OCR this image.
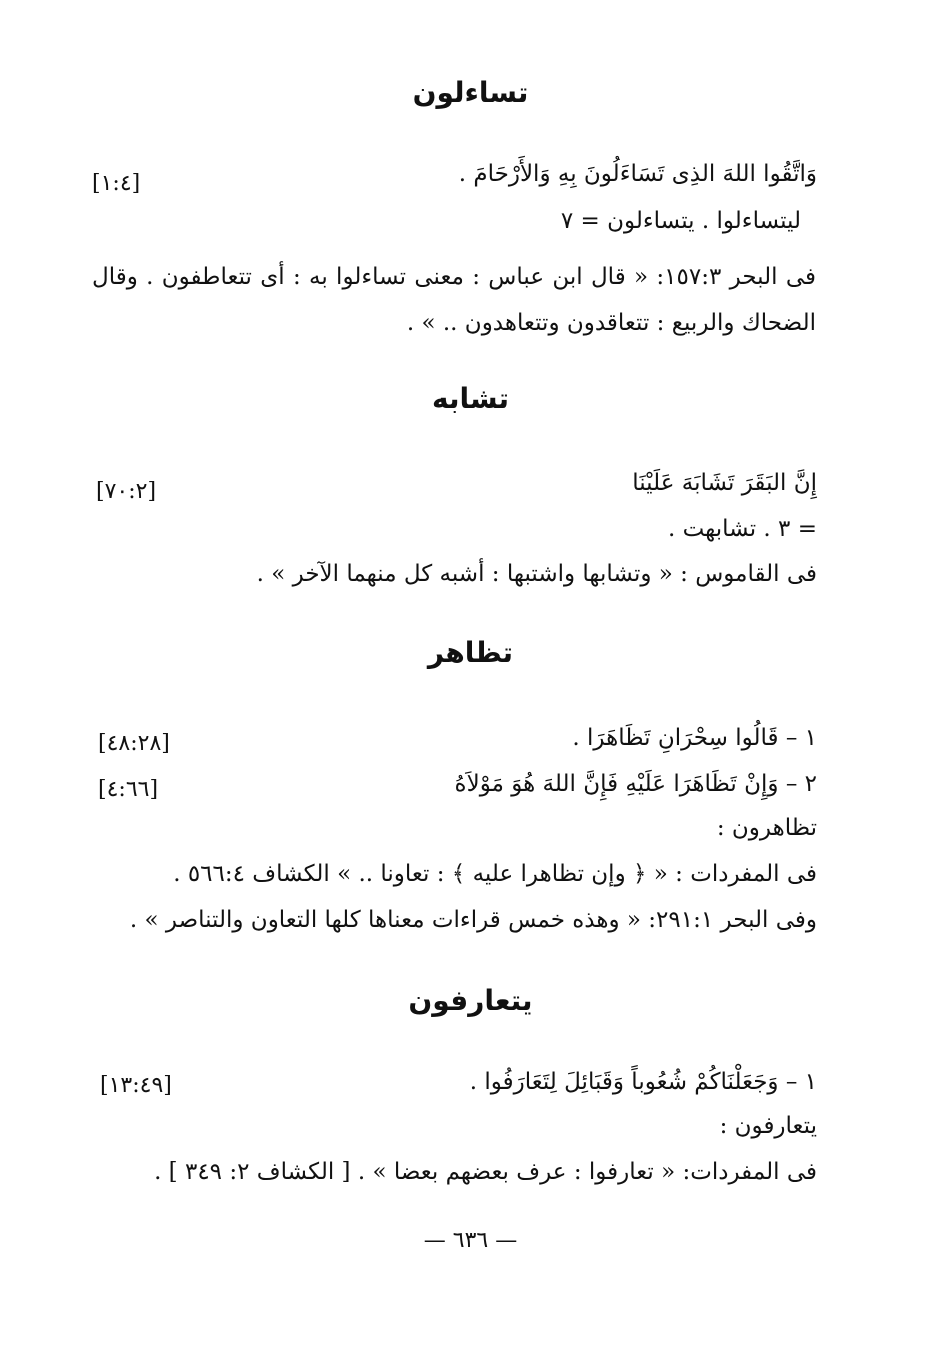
تساءلون
وَاتَّقُوا اللهَ الذِى تَسَاءَلُونَ بِهِ وَالأَرْحَامَ .
[١:٤]
ليتساءلوا . يتساءلون = ٧
فى البحر ١٥٧:٣: « قال ابن عباس : معنى تساءلوا به : أى تتعاطفون . وقال الضحاك والربيع : تتعاقدون وتتعاهدون .. » .
تشابه
إِنَّ البَقَرَ تَشَابَهَ عَلَيْنَا
[٧٠:٢]
= ٣ . تشابهت .
فى القاموس : « وتشابها واشتبها : أشبه كل منهما الآخر » .
تظاهر
١ – قَالُوا سِحْرَانِ تَظَاهَرَا .
[٤٨:٢٨]
٢ – وَإِنْ تَظَاهَرَا عَلَيْهِ فَإِنَّ اللهَ هُوَ مَوْلاَهُ
[٤:٦٦]
تظاهرون :
فى المفردات : « ﴿ وإن تظاهرا عليه ﴾ : تعاونا .. » الكشاف ٥٦٦:٤ .
وفى البحر ٢٩١:١: « وهذه خمس قراءات معناها كلها التعاون والتناصر » .
يتعارفون
١ – وَجَعَلْنَاكُمْ شُعُوباً وَقَبَائِلَ لِتَعَارَفُوا .
[١٣:٤٩]
يتعارفون :
فى المفردات: « تعارفوا : عرف بعضهم بعضا » . [ الكشاف ٢: ٣٤٩ ] .
— ٦٣٦ —
